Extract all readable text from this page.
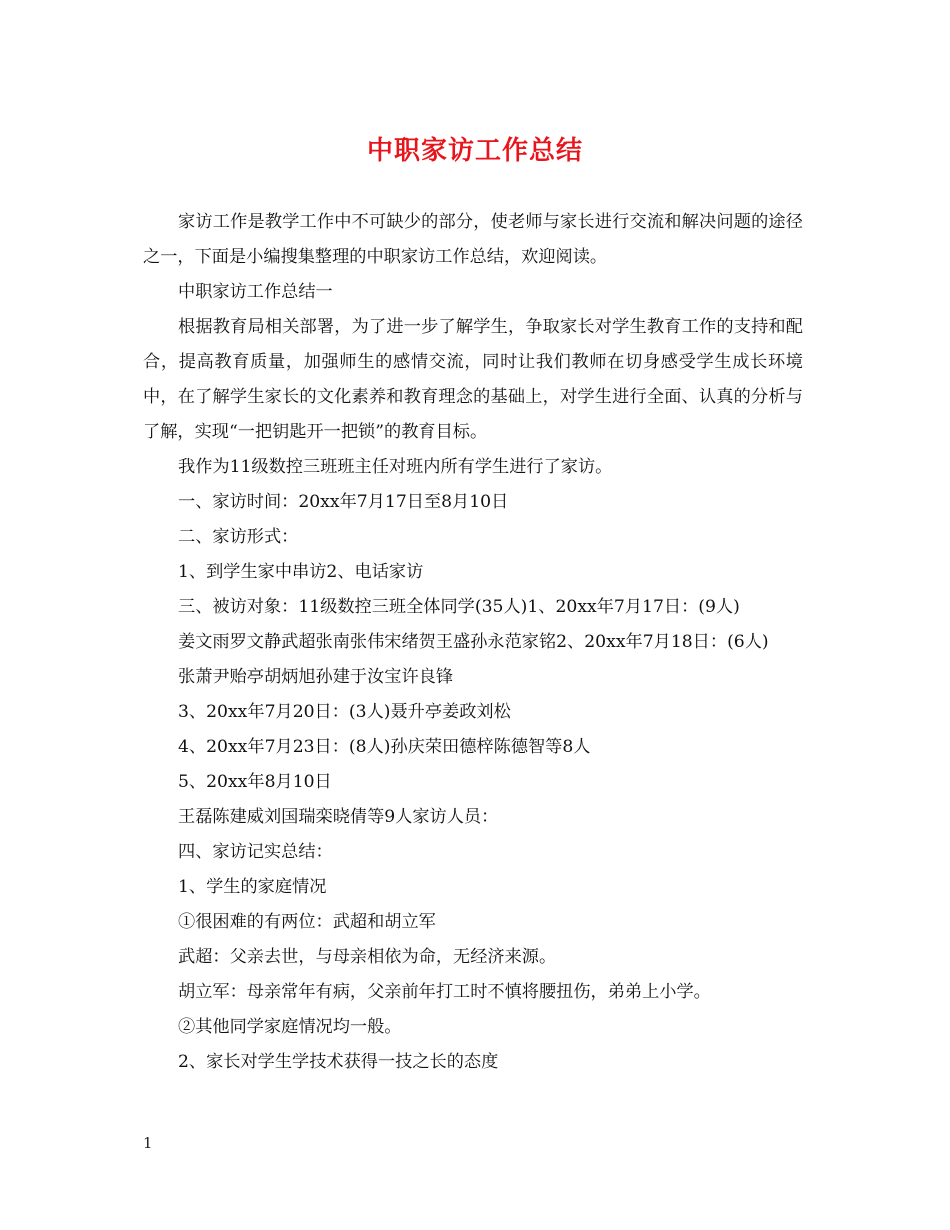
中职家访工作总结

家访工作是教学工作中不可缺少的部分，使老师与家长进行交流和解决问题的途径之一，下面是小编搜集整理的中职家访工作总结，欢迎阅读。

中职家访工作总结一

根据教育局相关部署，为了进一步了解学生，争取家长对学生教育工作的支持和配合，提高教育质量，加强师生的感情交流，同时让我们教师在切身感受学生成长环境中，在了解学生家长的文化素养和教育理念的基础上，对学生进行全面、认真的分析与了解，实现“一把钥匙开一把锁”的教育目标。

我作为11级数控三班班主任对班内所有学生进行了家访。

一、家访时间：20xx年7月17日至8月10日

二、家访形式：

1、到学生家中串访2、电话家访

三、被访对象：11级数控三班全体同学(35人)1、20xx年7月17日：(9人)

姜文雨罗文静武超张南张伟宋绪贺王盛孙永范家铭2、20xx年7月18日：(6人)

张萧尹贻亭胡炳旭孙建于汝宝许良锋

3、20xx年7月20日：(3人)聂升亭姜政刘松

4、20xx年7月23日：(8人)孙庆荣田德梓陈德智等8人

5、20xx年8月10日

王磊陈建威刘国瑞栾晓倩等9人家访人员：

四、家访记实总结：

1、学生的家庭情况

①很困难的有两位：武超和胡立军

武超：父亲去世，与母亲相依为命，无经济来源。

胡立军：母亲常年有病，父亲前年打工时不慎将腰扭伤，弟弟上小学。

②其他同学家庭情况均一般。

2、家长对学生学技术获得一技之长的态度

1
